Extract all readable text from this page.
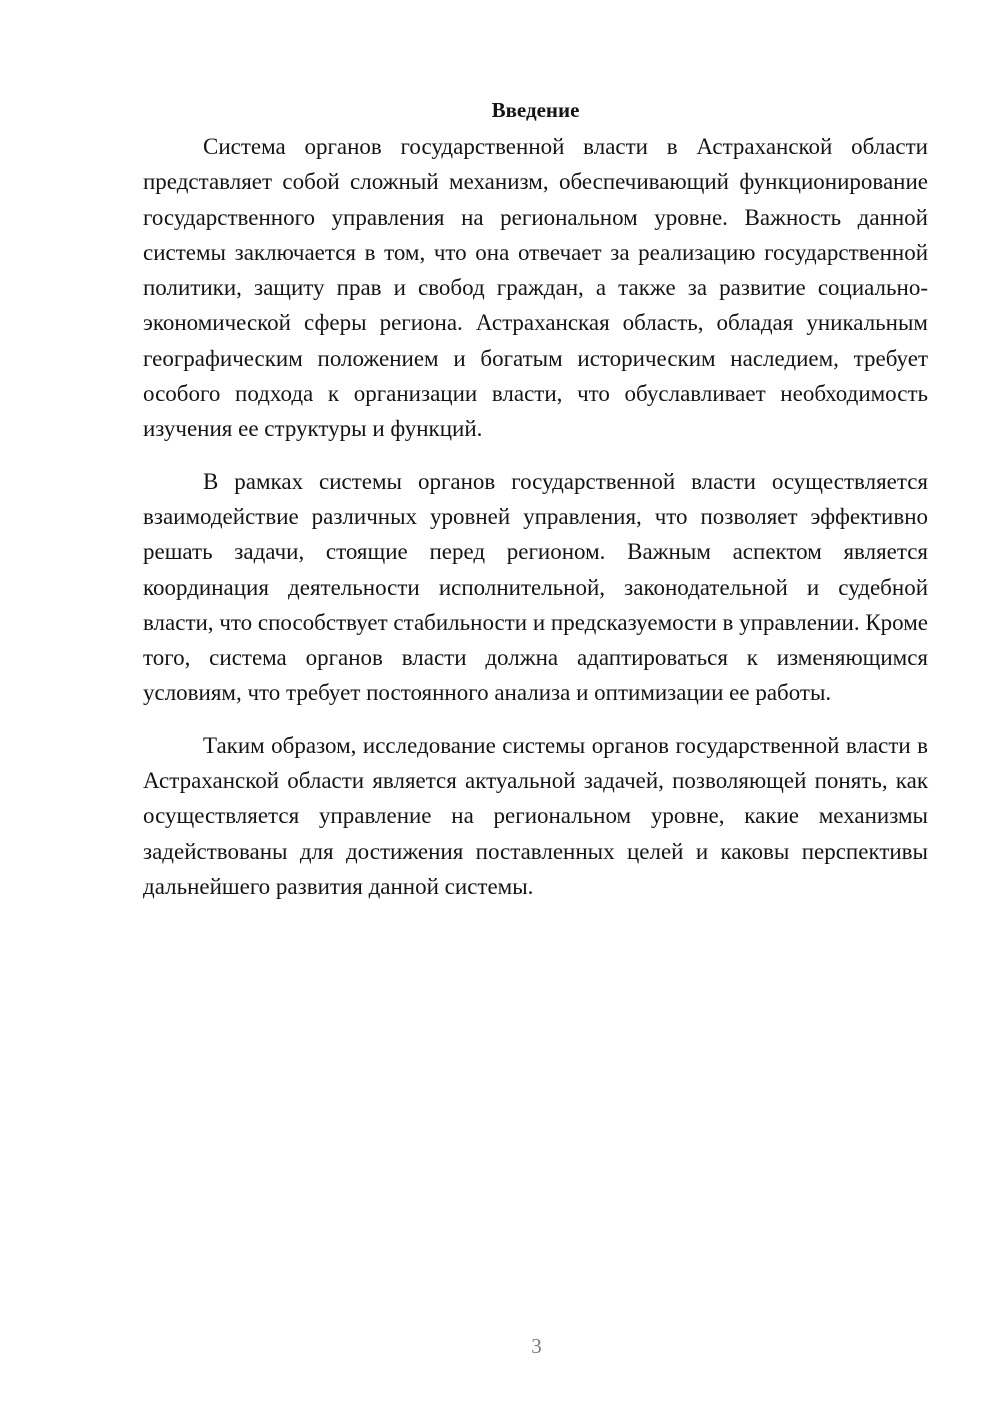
Введение

Система органов государственной власти в Астраханской области представляет собой сложный механизм, обеспечивающий функционирование государственного управления на региональном уровне. Важность данной системы заключается в том, что она отвечает за реализацию государственной политики, защиту прав и свобод граждан, а также за развитие социально-экономической сферы региона. Астраханская область, обладая уникальным географическим положением и богатым историческим наследием, требует особого подхода к организации власти, что обуславливает необходимость изучения ее структуры и функций.

В рамках системы органов государственной власти осуществляется взаимодействие различных уровней управления, что позволяет эффективно решать задачи, стоящие перед регионом. Важным аспектом является координация деятельности исполнительной, законодательной и судебной власти, что способствует стабильности и предсказуемости в управлении. Кроме того, система органов власти должна адаптироваться к изменяющимся условиям, что требует постоянного анализа и оптимизации ее работы.

Таким образом, исследование системы органов государственной власти в Астраханской области является актуальной задачей, позволяющей понять, как осуществляется управление на региональном уровне, какие механизмы задействованы для достижения поставленных целей и каковы перспективы дальнейшего развития данной системы.

3
